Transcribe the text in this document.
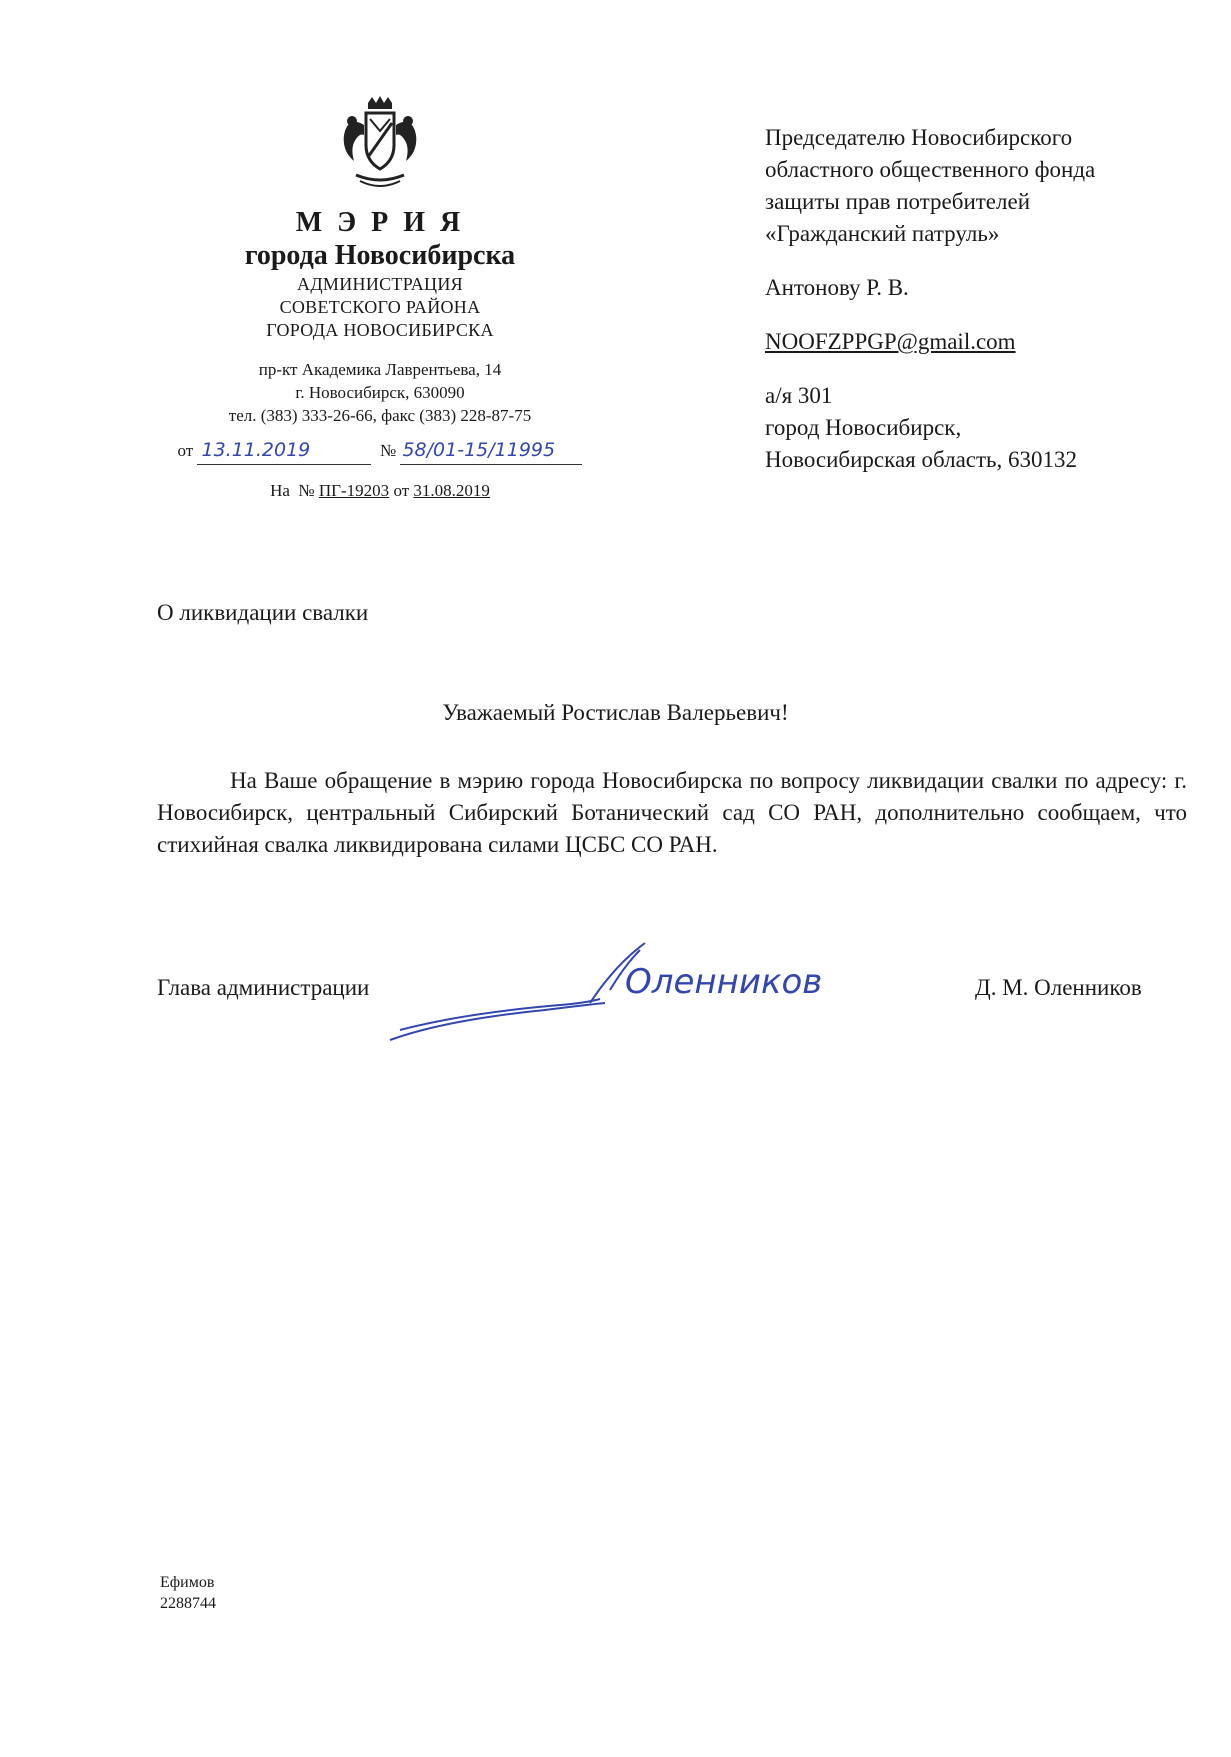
М Э Р И Я
города Новосибирска
АДМИНИСТРАЦИЯ
СОВЕТСКОГО РАЙОНА
ГОРОДА НОВОСИБИРСКА
пр-кт Академика Лаврентьева, 14
г. Новосибирск, 630090
тел. (383) 333-26-66, факс (383) 228-87-75
от 13.11.2019	№ 58/01-15/11995
На № ПГ-19203 от 31.08.2019
Председателю Новосибирского
областного общественного фонда
защиты прав потребителей
«Гражданский патруль»
Антонову Р. В.
NOOFZPPGP@gmail.com
а/я 301
город Новосибирск,
Новосибирская область, 630132
О ликвидации свалки
Уважаемый Ростислав Валерьевич!
На Ваше обращение в мэрию города Новосибирска по вопросу ликвидации свалки по адресу: г. Новосибирск, центральный Сибирский Ботанический сад СО РАН, дополнительно сообщаем, что стихийная свалка ликвидирована силами ЦСБС СО РАН.
Глава администрации	Оленников	Д. М. Оленников
Ефимов
2288744
